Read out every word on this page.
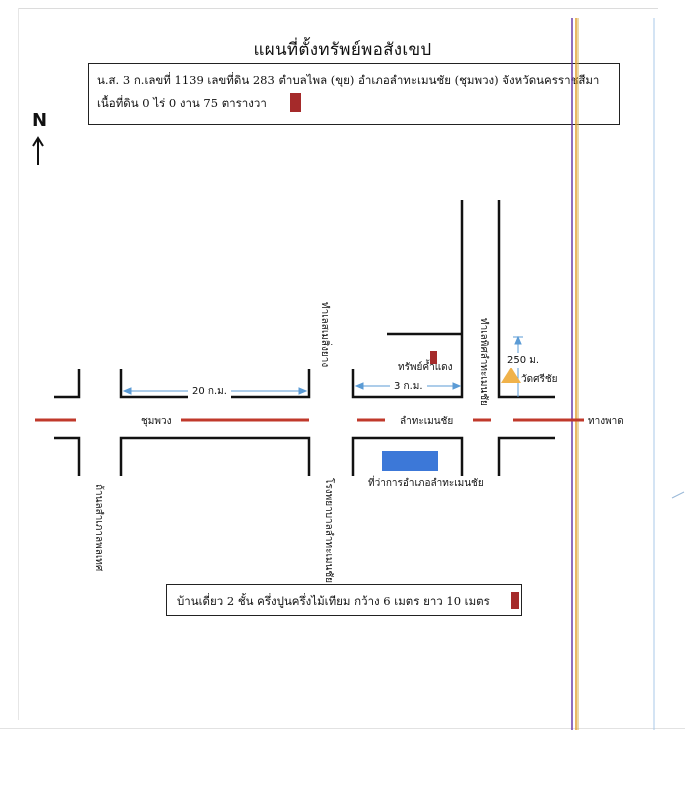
แผนที่ตั้งทรัพย์พอสังเขป
น.ส. 3 ก.เลขที่ 1139 เลขที่ดิน 283 ตำบลไพล (ขุย) อำเภอลำทะเมนชัย (ชุมพวง) จังหวัดนครราชสีมา
เนื้อที่ดิน 0 ไร่ 0 งาน 75 ตารางวา
N
20 ก.ม.	3 ก.ม.
250 ม.
ชุมพวง	ลำทะเมนชัย	ทางพาด
ทรัพย์ค้ำแดง
ที่ว่าการอำเภอลำทะเมนชัย
วัดศรีชัย
ถ้านลสำเภาลพลเทศ
ทำเลสเมสิ่งยาง
โรงพยาบาลลำทะเมนชัย
ทำเลพิศลำทะเมนชัย
บ้านเดี่ยว 2 ชั้น ครึ่งปูนครึ่งไม้เทียม กว้าง 6 เมตร ยาว 10 เมตร
